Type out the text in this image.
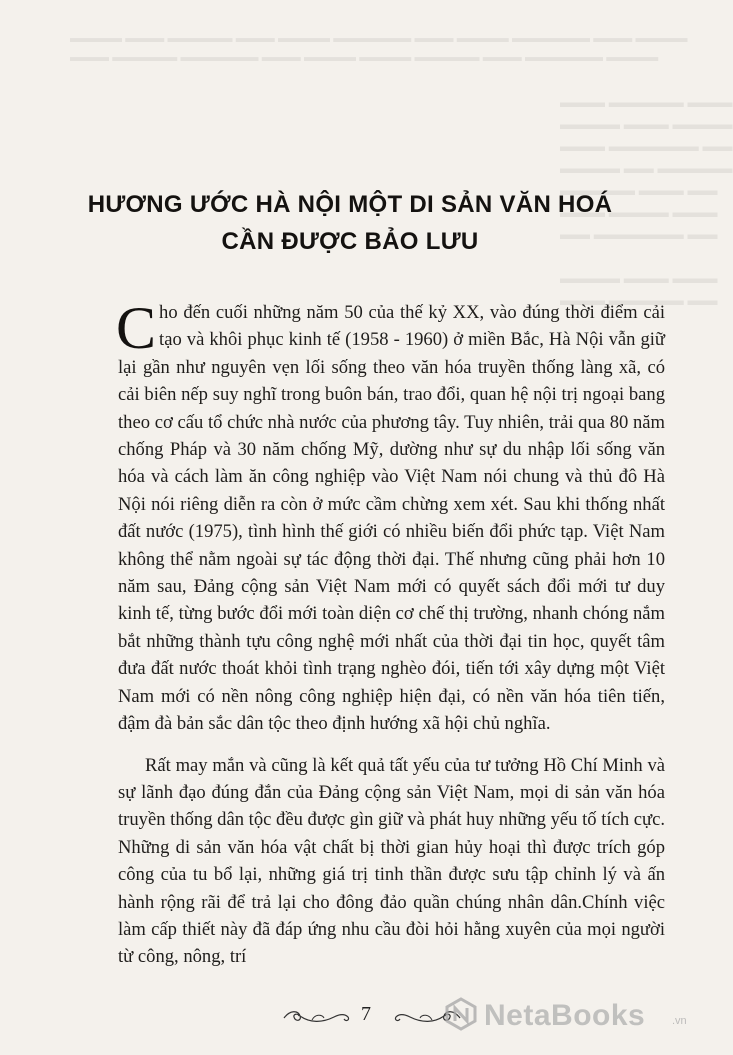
▬▬▬▬ ▬▬▬ ▬▬▬▬▬ ▬▬▬ ▬▬▬▬ ▬▬▬▬▬▬ ▬▬▬ ▬▬▬▬ ▬▬▬▬▬▬ ▬▬▬ ▬▬▬▬
▬▬▬ ▬▬▬▬▬ ▬▬▬▬▬▬ ▬▬▬ ▬▬▬▬ ▬▬▬▬ ▬▬▬▬▬ ▬▬▬ ▬▬▬▬▬▬ ▬▬▬▬
▬▬▬ ▬▬▬▬▬ ▬▬▬
▬▬▬▬ ▬▬▬ ▬▬▬▬
▬▬▬ ▬▬▬▬▬▬ ▬▬
▬▬▬▬ ▬▬ ▬▬▬▬▬
▬▬▬▬▬ ▬▬▬ ▬▬
▬▬▬ ▬▬▬▬ ▬▬▬
▬▬ ▬▬▬▬▬▬ ▬▬

▬▬▬▬ ▬▬▬ ▬▬▬
▬▬▬ ▬▬▬▬▬ ▬▬
HƯƠNG ƯỚC HÀ NỘI MỘT DI SẢN VĂN HOÁ
CẦN ĐƯỢC BẢO LƯU

Cho đến cuối những năm 50 của thế kỷ XX, vào đúng thời điểm cải tạo và khôi phục kinh tế (1958 - 1960) ở miền Bắc, Hà Nội vẫn giữ lại gần như nguyên vẹn lối sống theo văn hóa truyền thống làng xã, có cải biên nếp suy nghĩ trong buôn bán, trao đổi, quan hệ nội trị ngoại bang theo cơ cấu tổ chức nhà nước của phương tây. Tuy nhiên, trải qua 80 năm chống Pháp và 30 năm chống Mỹ, dường như sự du nhập lối sống văn hóa và cách làm ăn công nghiệp vào Việt Nam nói chung và thủ đô Hà Nội nói riêng diễn ra còn ở mức cầm chừng xem xét. Sau khi thống nhất đất nước (1975), tình hình thế giới có nhiều biến đổi phức tạp. Việt Nam không thể nằm ngoài sự tác động thời đại. Thế nhưng cũng phải hơn 10 năm sau, Đảng cộng sản Việt Nam mới có quyết sách đổi mới tư duy kinh tế, từng bước đổi mới toàn diện cơ chế thị trường, nhanh chóng nắm bắt những thành tựu công nghệ mới nhất của thời đại tin học, quyết tâm đưa đất nước thoát khỏi tình trạng nghèo đói, tiến tới xây dựng một Việt Nam mới có nền nông công nghiệp hiện đại, có nền văn hóa tiên tiến, đậm đà bản sắc dân tộc theo định hướng xã hội chủ nghĩa.

Rất may mắn và cũng là kết quả tất yếu của tư tưởng Hồ Chí Minh và sự lãnh đạo đúng đắn của Đảng cộng sản Việt Nam, mọi di sản văn hóa truyền thống dân tộc đều được gìn giữ và phát huy những yếu tố tích cực. Những di sản văn hóa vật chất bị thời gian hủy hoại thì được trích góp công của tu bổ lại, những giá trị tinh thần được sưu tập chỉnh lý và ấn hành rộng rãi để trả lại cho đông đảo quần chúng nhân dân.Chính việc làm cấp thiết này đã đáp ứng nhu cầu đòi hỏi hằng xuyên của mọi người từ công, nông, trí

7	NetaBooks .vn
